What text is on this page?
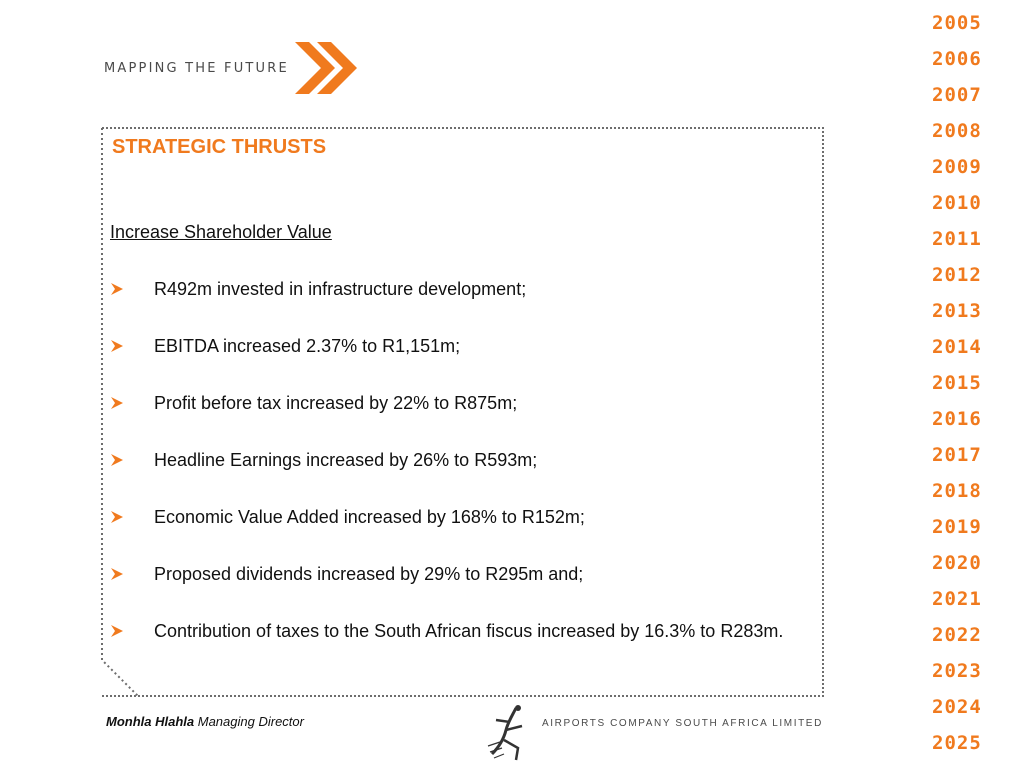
MAPPING THE FUTURE
STRATEGIC THRUSTS
Increase Shareholder Value
R492m invested in infrastructure development;
EBITDA increased 2.37% to R1,151m;
Profit before tax increased by 22% to R875m;
Headline Earnings increased by 26% to R593m;
Economic Value Added increased by 168% to R152m;
Proposed dividends increased by 29% to R295m and;
Contribution of taxes to the South African fiscus increased by 16.3% to R283m.
Monhla Hlahla Managing Director	AIRPORTS COMPANY SOUTH AFRICA LIMITED
2005
2006
2007
2008
2009
2010
2011
2012
2013
2014
2015
2016
2017
2018
2019
2020
2021
2022
2023
2024
2025
